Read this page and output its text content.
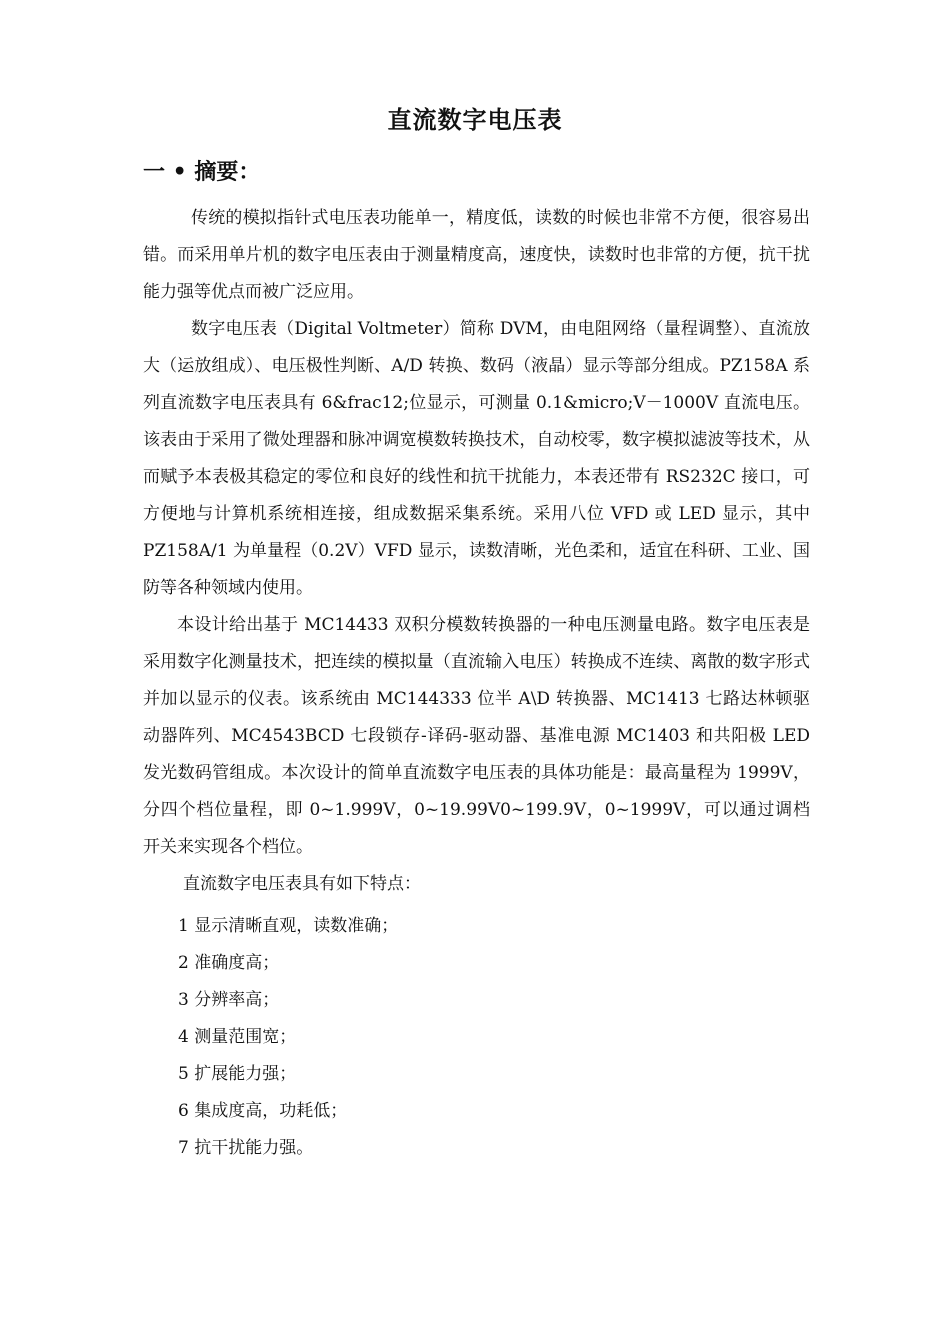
直流数字电压表
一 • 摘要：

传统的模拟指针式电压表功能单一，精度低，读数的时候也非常不方便，很容易出错。而采用单片机的数字电压表由于测量精度高，速度快，读数时也非常的方便，抗干扰能力强等优点而被广泛应用。

数字电压表（Digital Voltmeter）简称 DVM，由电阻网络（量程调整）、直流放大（运放组成）、电压极性判断、A/D 转换、数码（液晶）显示等部分组成。PZ158A 系列直流数字电压表具有 6&frac12;位显示，可测量 0.1&micro;V－1000V 直流电压。该表由于采用了微处理器和脉冲调宽模数转换技术，自动校零，数字模拟滤波等技术，从而赋予本表极其稳定的零位和良好的线性和抗干扰能力，本表还带有 RS232C 接口，可方便地与计算机系统相连接，组成数据采集系统。采用八位 VFD 或 LED 显示，其中 PZ158A/1 为单量程（0.2V）VFD 显示，读数清晰，光色柔和，适宜在科研、工业、国防等各种领域内使用。

本设计给出基于 MC14433 双积分模数转换器的一种电压测量电路。数字电压表是采用数字化测量技术，把连续的模拟量（直流输入电压）转换成不连续、离散的数字形式并加以显示的仪表。该系统由 MC144333 位半 A\D 转换器、MC1413 七路达林顿驱动器阵列、MC4543BCD 七段锁存-译码-驱动器、基准电源 MC1403 和共阳极 LED 发光数码管组成。本次设计的简单直流数字电压表的具体功能是：最高量程为 1999V，分四个档位量程，即 0~1.999V，0~19.99V0~199.9V，0~1999V，可以通过调档开关来实现各个档位。

直流数字电压表具有如下特点：

1 显示清晰直观，读数准确；
2 准确度高；
3 分辨率高；
4 测量范围宽；
5 扩展能力强；
6 集成度高，功耗低；
7 抗干扰能力强。
